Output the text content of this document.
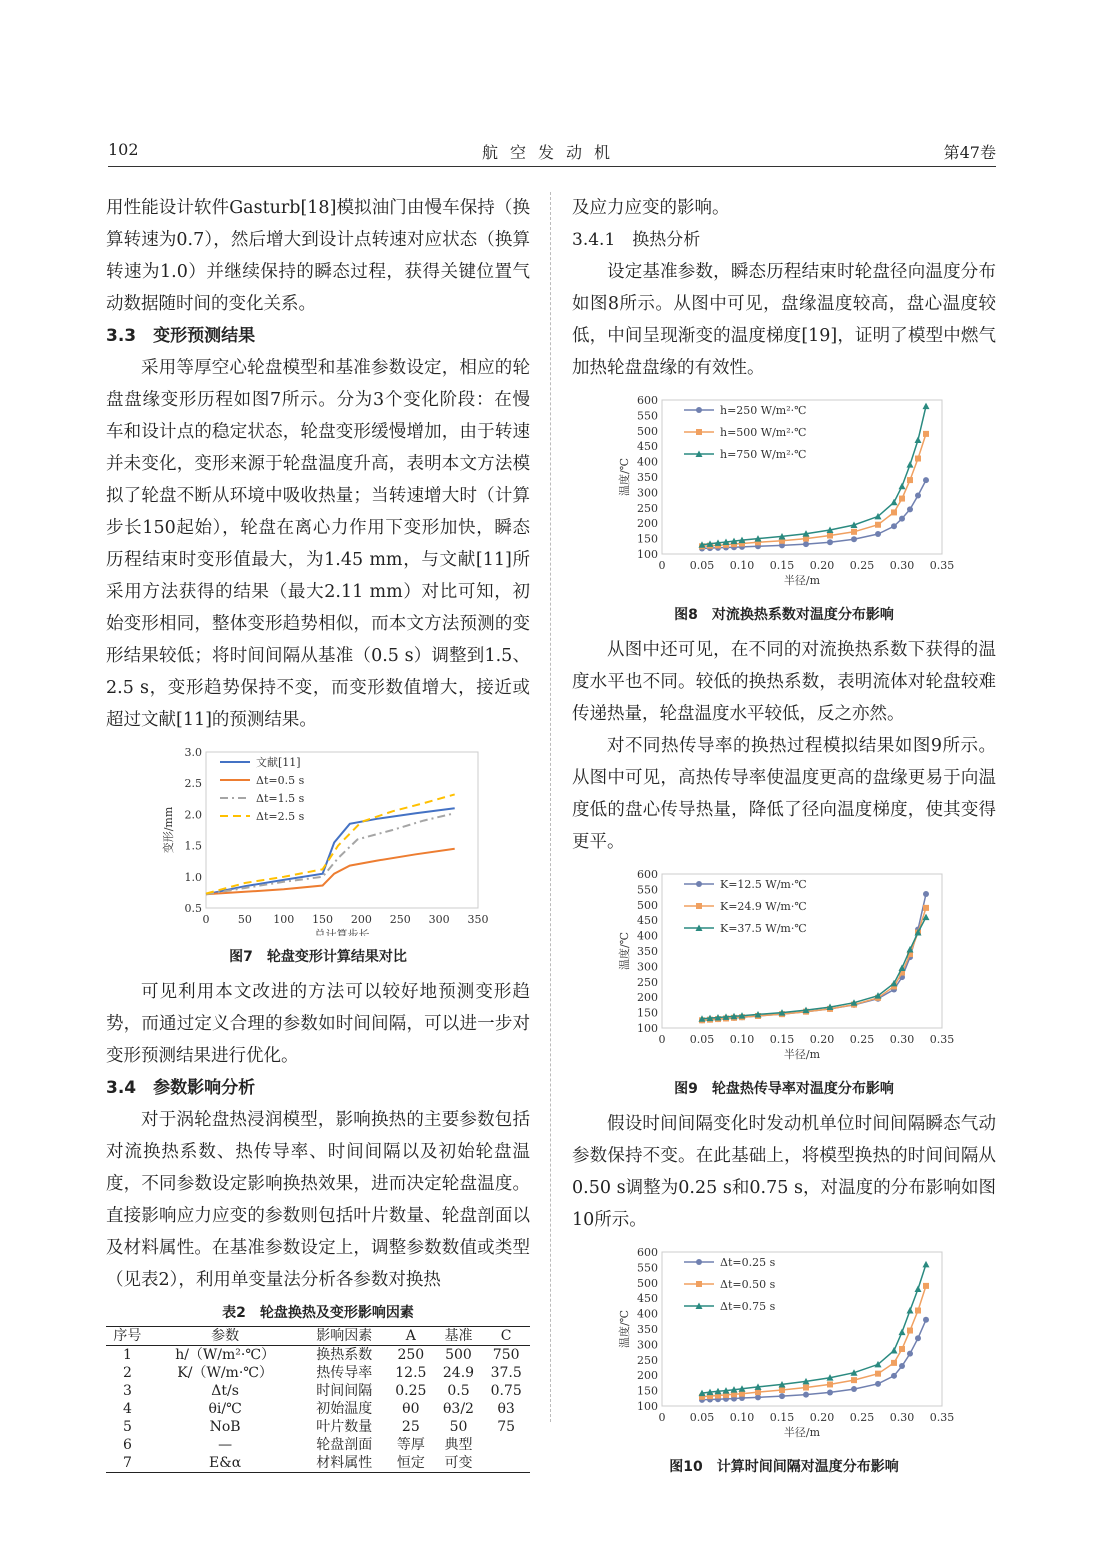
102	航空发动机	第47卷

用性能设计软件Gasturb[18]模拟油门由慢车保持（换算转速为0.7），然后增大到设计点转速对应状态（换算转速为1.0）并继续保持的瞬态过程，获得关键位置气动数据随时间的变化关系。

3.3　变形预测结果

采用等厚空心轮盘模型和基准参数设定，相应的轮盘盘缘变形历程如图7所示。分为3个变化阶段：在慢车和设计点的稳定状态，轮盘变形缓慢增加，由于转速并未变化，变形来源于轮盘温度升高，表明本文方法模拟了轮盘不断从环境中吸收热量；当转速增大时（计算步长150起始），轮盘在离心力作用下变形加快，瞬态历程结束时变形值最大，为1.45 mm，与文献[11]所采用方法获得的结果（最大2.11 mm）对比可知，初始变形相同，整体变形趋势相似，而本文方法预测的变形结果较低；将时间间隔从基准（0.5 s）调整到1.5、2.5 s，变形趋势保持不变，而变形数值增大，接近或超过文献[11]的预测结果。

0.5
1.0
1.5
2.0
2.5
3.0
0	50 100 150 200 250 300 350
总计算步长
变形/mm
文献[11]
Δt=0.5 s
Δt=1.5 s
Δt=2.5 s
图7　轮盘变形计算结果对比

可见利用本文改进的方法可以较好地预测变形趋势，而通过定义合理的参数如时间间隔，可以进一步对变形预测结果进行优化。

3.4　参数影响分析

对于涡轮盘热浸润模型，影响换热的主要参数包括对流换热系数、热传导率、时间间隔以及初始轮盘温度，不同参数设定影响换热效果，进而决定轮盘温度。直接影响应力应变的参数则包括叶片数量、轮盘剖面以及材料属性。在基准参数设定上，调整参数数值或类型（见表2），利用单变量法分析各参数对换热

表2　轮盘换热及变形影响因素
序号	参数	影响因素	A	基准	C
1	h/（W/m²·℃）	换热系数	250	500	750
2	K/（W/m·℃）	热传导率	12.5	24.9	37.5
3	Δt/s	时间间隔	0.25	0.5	0.75
4	θi/℃	初始温度	θ0	θ3/2	θ3
5	NoB	叶片数量	25	50	75
6	—	轮盘剖面	等厚	典型	
7	E&α	材料属性	恒定	可变	

及应力应变的影响。

3.4.1　换热分析

设定基准参数，瞬态历程结束时轮盘径向温度分布如图8所示。从图中可见，盘缘温度较高，盘心温度较低，中间呈现渐变的温度梯度[19]，证明了模型中燃气加热轮盘盘缘的有效性。

100
150
200
250
300
350
400
450
500
550
600
0 0.05 0.10 0.15 0.20 0.25 0.30 0.35
半径/m
温度/℃
h=250 W/m²·℃
h=500 W/m²·℃
h=750 W/m²·℃
图8　对流换热系数对温度分布影响

从图中还可见，在不同的对流换热系数下获得的温度水平也不同。较低的换热系数，表明流体对轮盘较难传递热量，轮盘温度水平较低，反之亦然。

对不同热传导率的换热过程模拟结果如图9所示。从图中可见，高热传导率使温度更高的盘缘更易于向温度低的盘心传导热量，降低了径向温度梯度，使其变得更平。

100
150
200
250
300
350
400
450
500
550
600
0 0.05 0.10 0.15 0.20 0.25 0.30 0.35
半径/m
温度/℃
K=12.5 W/m·℃
K=24.9 W/m·℃
K=37.5 W/m·℃
图9　轮盘热传导率对温度分布影响

假设时间间隔变化时发动机单位时间间隔瞬态气动参数保持不变。在此基础上，将模型换热的时间间隔从0.50 s调整为0.25 s和0.75 s，对温度的分布影响如图10所示。

100
150
200
250
300
350
400
450
500
550
600
0 0.05 0.10 0.15 0.20 0.25 0.30 0.35
半径/m
温度/℃
Δt=0.25 s
Δt=0.50 s
Δt=0.75 s
图10　计算时间间隔对温度分布影响
